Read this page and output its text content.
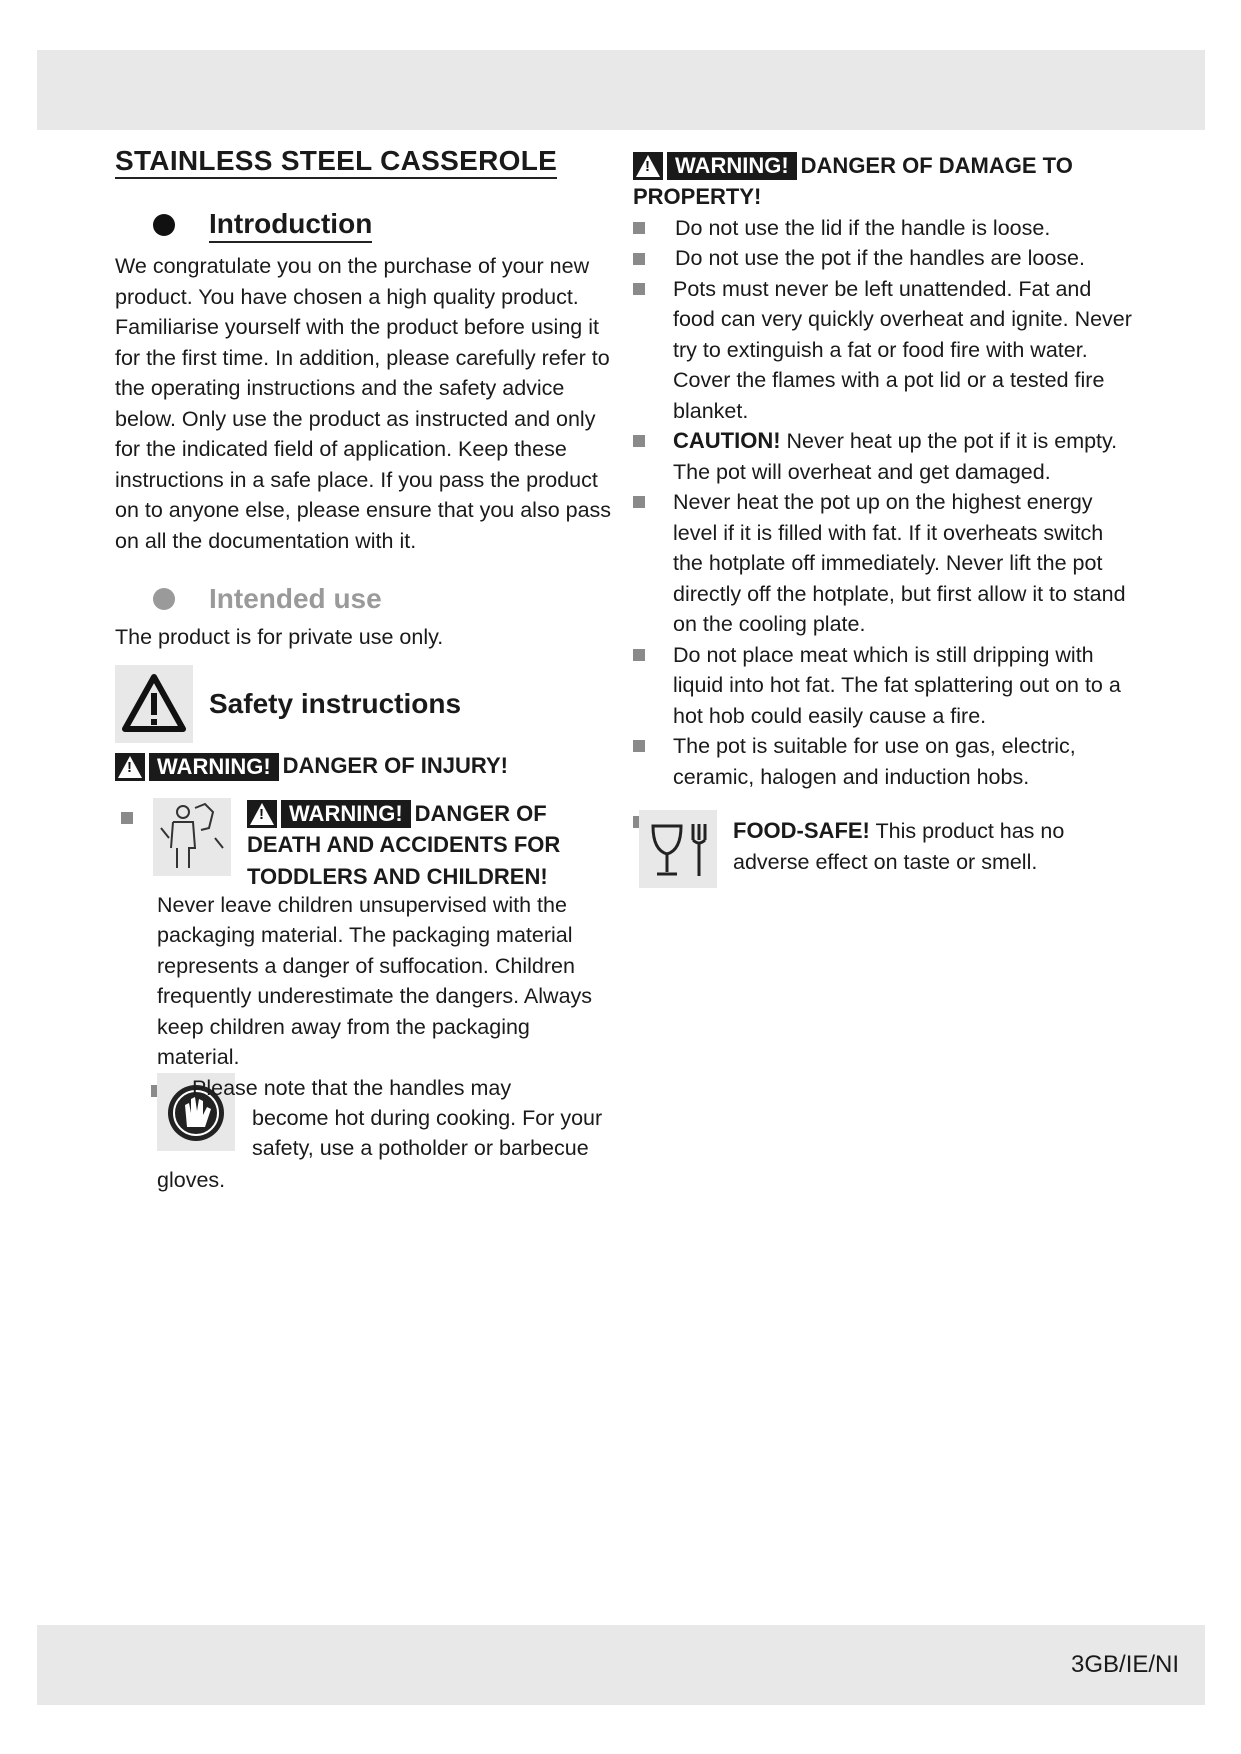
STAINLESS STEEL CASSEROLE
Introduction

We congratulate you on the purchase of your new product. You have chosen a high quality product. Familiarise yourself with the product before using it for the first time. In addition, please carefully refer to the operating instructions and the safety advice below. Only use the product as instructed and only for the indicated field of application. Keep these instructions in a safe place. If you pass the product on to anyone else, please ensure that you also pass on all the documentation with it.

Intended use

The product is for private use only.

Safety instructions
!
WARNING! DANGER OF INJURY!
!
WARNING! DANGER OF DEATH AND ACCIDENTS FOR TODDLERS AND CHILDREN!

Never leave children unsupervised with the packaging material. The packaging material represents a danger of suffocation. Children frequently underestimate the dangers. Always keep children away from the packaging material.

Please note that the handles may

become hot during cooking. For your safety, use a potholder or barbecue

gloves.

!
WARNING! DANGER OF DAMAGE TO PROPERTY!
Do not use the lid if the handle is loose.
Do not use the pot if the handles are loose.
Pots must never be left unattended. Fat and food can very quickly overheat and ignite. Never try to extinguish a fat or food fire with water. Cover the flames with a pot lid or a tested fire blanket.
CAUTION! Never heat up the pot if it is empty. The pot will overheat and get damaged.
Never heat the pot up on the highest energy level if it is filled with fat. If it overheats switch the hotplate off immediately. Never lift the pot directly off the hotplate, but first allow it to stand on the cooling plate.
Do not place meat which is still dripping with liquid into hot fat. The fat splattering out on to a hot hob could easily cause a fire.
The pot is suitable for use on gas, electric, ceramic, halogen and induction hobs.
FOOD-SAFE! This product has no adverse effect on taste or smell.
3GB/IE/NI
